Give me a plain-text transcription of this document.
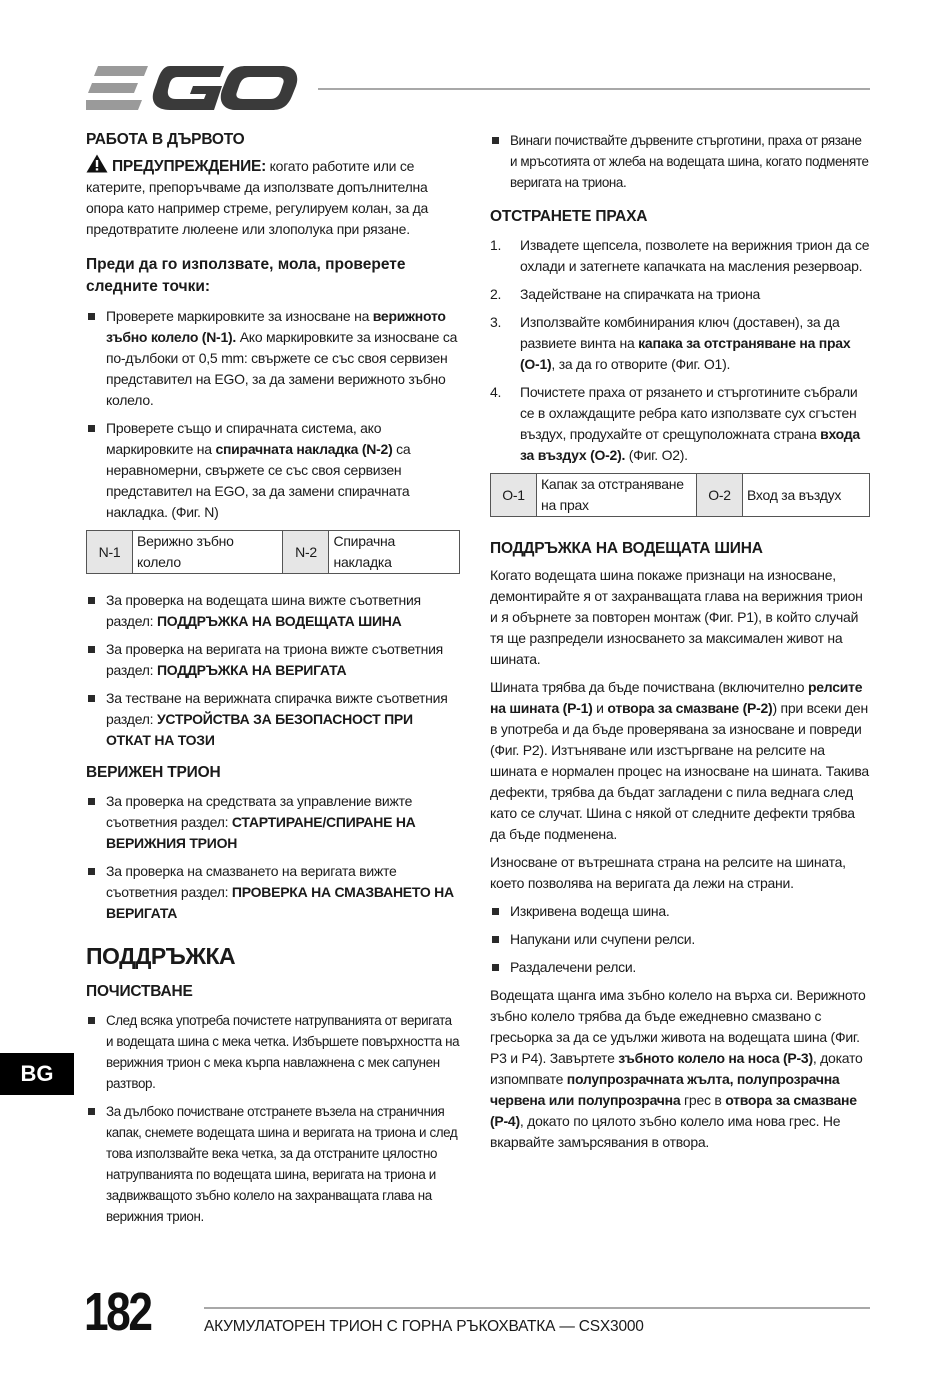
EGO
РАБОТА В ДЪРВОТО

ПРЕДУПРЕЖДЕНИЕ: когато работите или се катерите, препоръчваме да използвате допълнителна опора като например стреме, регулируем колан, за да предотвратите люлеене или злополука при рязане.

Преди да го използвате, мола, проверете следните точки:
Проверете маркировките за износване на верижното зъбно колело (N-1). Ако маркировките за износване са по-дълбоки от 0,5 mm: свържете се със своя сервизен представител на EGO, за да замени верижното зъбно колело.
Проверете също и спирачната система, ако маркировките на спирачната накладка (N-2) са неравномерни, свържете се със своя сервизен представител на EGO, за да замени спирачната накладка. (Фиг. N)
N-1	Верижно зъбно колело	N-2	Спирачна накладка
За проверка на водещата шина вижте съответния раздел: ПОДДРЪЖКА НА ВОДЕЩАТА ШИНА
За проверка на веригата на триона вижте съответния раздел: ПОДДРЪЖКА НА ВЕРИГАТА
За тестване на верижната спирачка вижте съответния раздел: УСТРОЙСТВА ЗА БЕЗОПАСНОСТ ПРИ ОТКАТ НА ТОЗИ
ВЕРИЖЕН ТРИОН
За проверка на средствата за управление вижте съответния раздел: СТАРТИРАНЕ/СПИРАНЕ НА ВЕРИЖНИЯ ТРИОН
За проверка на смазването на веригата вижте съответния раздел: ПРОВЕРКА НА СМАЗВАНЕТО НА ВЕРИГАТА
ПОДДРЪЖКА
ПОЧИСТВАНЕ
След всяка употреба почистете натрупванията от веригата и водещата шина с мека четка. Избършете повърхността на верижния трион с мека кърпа навлажнена с мек сапунен разтвор.
За дълбоко почистване отстранете възела на страничния капак, снемете водещата шина и веригата на триона и след това използвайте века четка, за да отстраните цялостно натрупванията по водещата шина, веригата на триона и задвижващото зъбно колело на захранващата глава на верижния трион.
Винаги почиствайте дървените стърготини, праха от рязане и мръсотията от жлеба на водещата шина, когато подменяте веригата на триона.
ОТСТРАНЕТЕ ПРАХА
1. Извадете щепсела, позволете на верижния трион да се охлади и затегнете капачката на масления резервоар.
2. Задействане на спирачката на триона
3. Използвайте комбинирания ключ (доставен), за да развиете винта на капака за отстраняване на прах (О-1), за да го отворите (Фиг. О1).
4. Почистете праха от рязането и стърготините събрали се в охлаждащите ребра като използвате сух сгъстен въздух, продухайте от срещуположната страна входа за въздух (О-2). (Фиг. О2).
О-1	Капак за отстраняване на прах	О-2	Вход за въздух
ПОДДРЪЖКА НА ВОДЕЩАТА ШИНА

Когато водещата шина покаже признаци на износване, демонтирайте я от захранващата глава на верижния трион и я обърнете за повторен монтаж (Фиг. P1), в който случай тя ще разпредели износването за максимален живот на шината.

Шината трябва да бъде почиствана (включително релсите на шината (Р-1) и отвора за смазване (Р-2)) при всеки ден в употреба и да бъде проверявана за износване и повреди (Фиг. P2). Изтъняване или изстъргване на релсите на шината е нормален процес на износване на шината. Такива дефекти, трябва да бъдат загладени с пила веднага след като се случат. Шина с някой от следните дефекти трябва да бъде подменена.

Износване от вътрешната страна на релсите на шината, което позволява на веригата да лежи на страни.

Изкривена водеща шина.
Напукани или счупени релси.
Раздалечени релси.

Водещата щанга има зъбно колело на върха си. Верижното зъбно колело трябва да бъде ежедневно смазвано с гресьорка за да се удължи живота на водещата шина (Фиг. P3 и P4). Завъртете зъбното колело на носа (Р-3), докато изпомпвате полупрозрачната жълта, полупрозрачна червена или полупрозрачна грес в отвора за смазване (Р-4), докато по цялото зъбно колело има нова грес. Не вкарвайте замърсявания в отвора.

BG
182	АКУМУЛАТОРЕН ТРИОН С ГОРНА РЪКОХВАТКА — CSX3000
